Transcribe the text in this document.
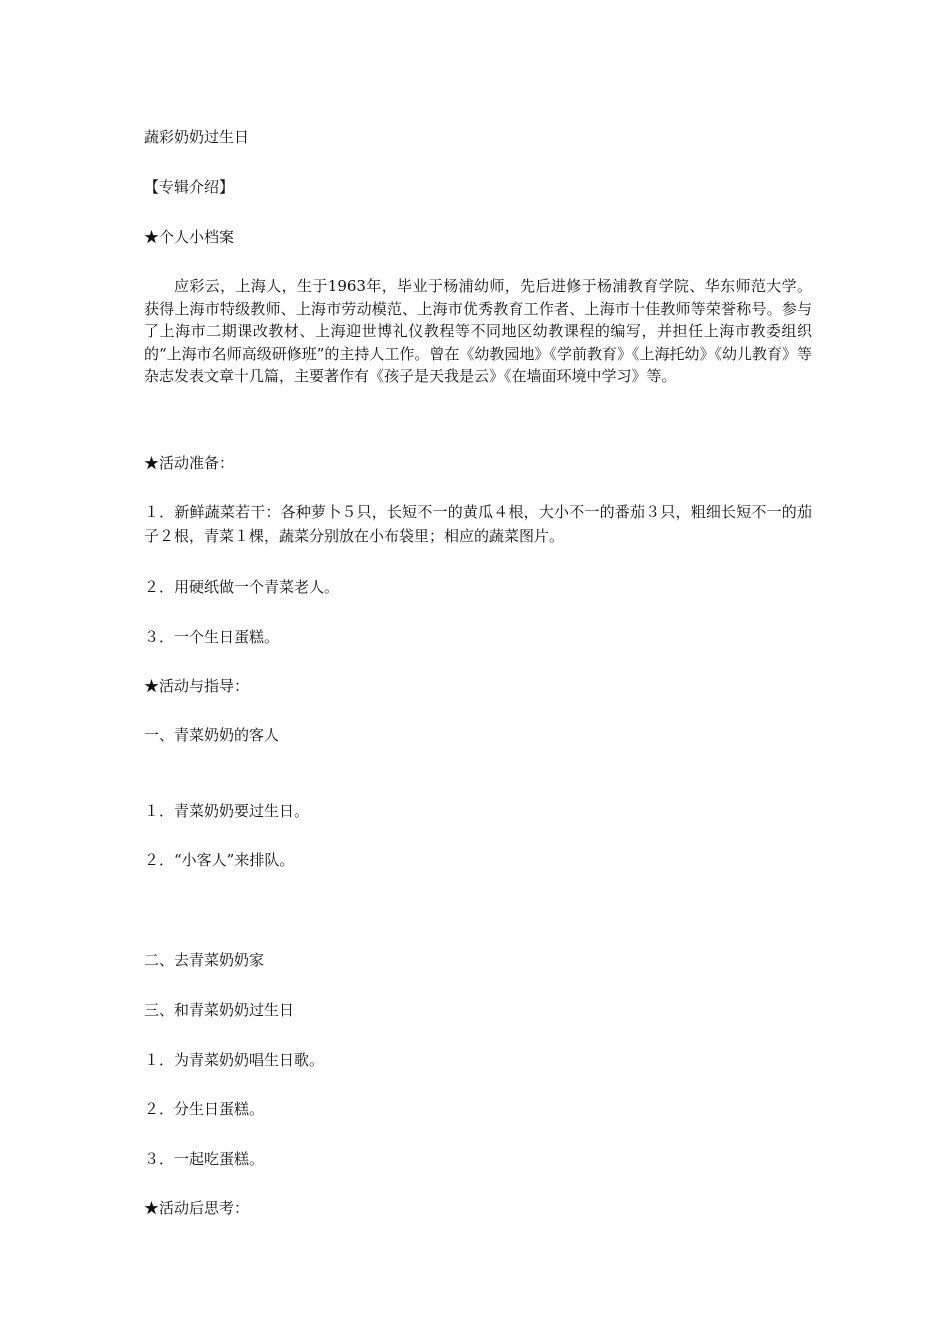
蔬彩奶奶过生日
【专辑介绍】
★个人小档案
应彩云，上海人，生于1963年，毕业于杨浦幼师，先后进修于杨浦教育学院、华东师范大学。获得上海市特级教师、上海市劳动模范、上海市优秀教育工作者、上海市十佳教师等荣誉称号。参与了上海市二期课改教材、上海迎世博礼仪教程等不同地区幼教课程的编写，并担任上海市教委组织的“上海市名师高级研修班”的主持人工作。曾在《幼教园地》《学前教育》《上海托幼》《幼儿教育》等杂志发表文章十几篇，主要著作有《孩子是天我是云》《在墙面环境中学习》等。
★活动准备：
１．新鲜蔬菜若干：各种萝卜５只，长短不一的黄瓜４根，大小不一的番茄３只，粗细长短不一的茄子２根，青菜１棵，蔬菜分别放在小布袋里；相应的蔬菜图片。
２．用硬纸做一个青菜老人。
３．一个生日蛋糕。
★活动与指导：
一、青菜奶奶的客人
１．青菜奶奶要过生日。
２．“小客人”来排队。
二、去青菜奶奶家
三、和青菜奶奶过生日
１．为青菜奶奶唱生日歌。
２．分生日蛋糕。
３．一起吃蛋糕。
★活动后思考：
